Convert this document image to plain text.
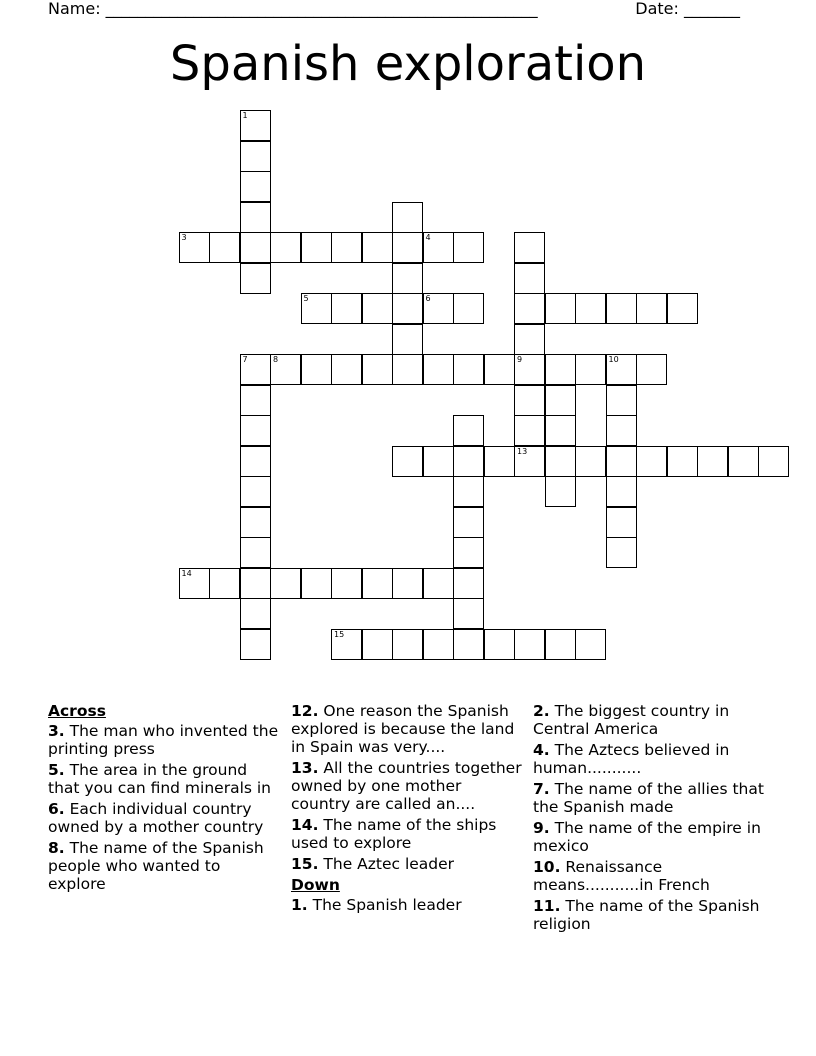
Name: ______________________________________________________	Date: _______
Spanish exploration
1
4
5	6
9
7	8	10
13
15
3
14
Across
3. The man who invented the printing press
5. The area in the ground that you can find minerals in
6. Each individual country owned by a mother country
8. The name of the Spanish people who wanted to explore
12. One reason the Spanish explored is because the land in Spain was very....
13. All the countries together owned by one mother country are called an....
14. The name of the ships used to explore
15. The Aztec leader
Down
1. The Spanish leader
2. The biggest country in Central America
4. The Aztecs believed in human...........
7. The name of the allies that the Spanish made
9. The name of the empire in mexico
10. Renaissance means...........in French
11. The name of the Spanish religion
